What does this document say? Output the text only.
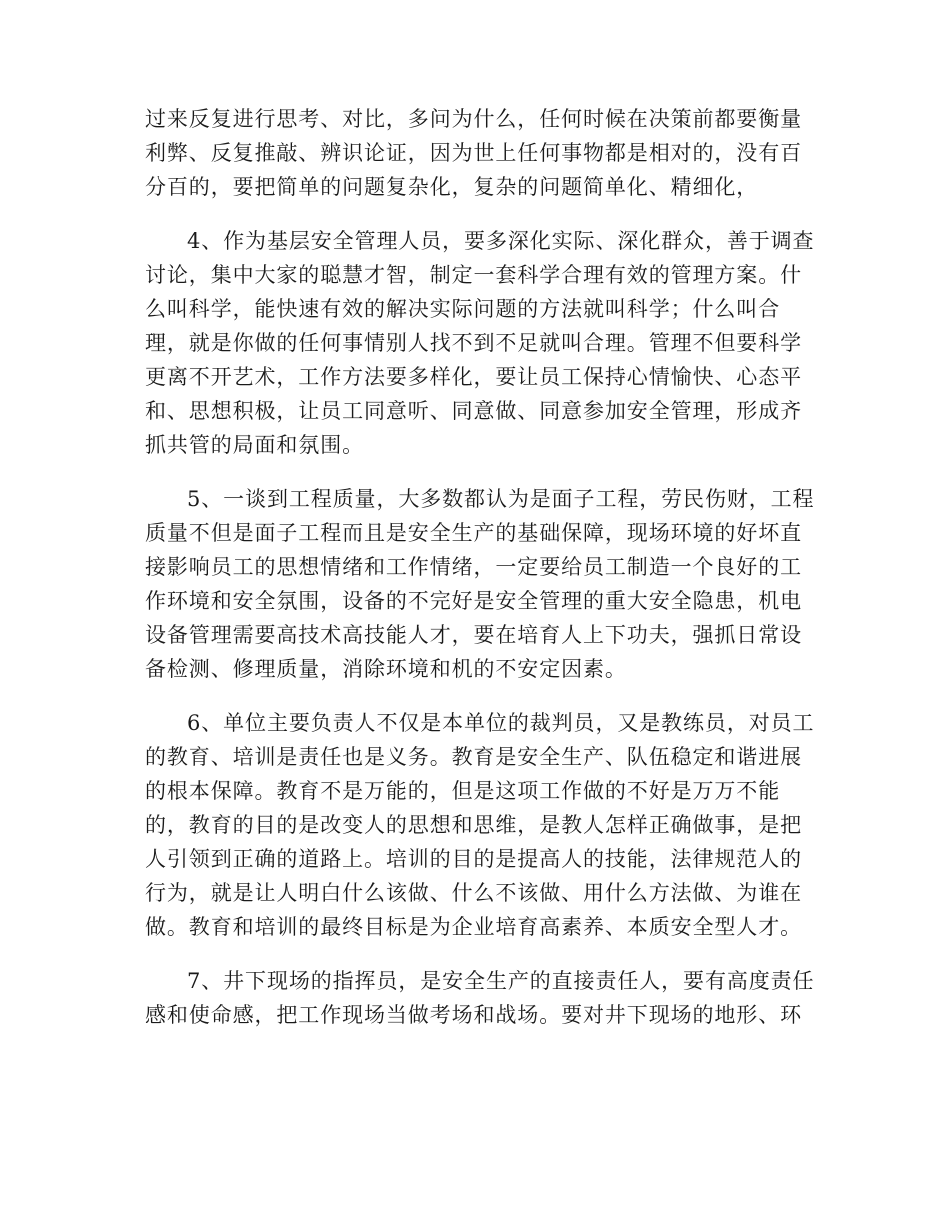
过来反复进行思考、对比，多问为什么，任何时候在决策前都要衡量
利弊、反复推敲、辨识论证，因为世上任何事物都是相对的，没有百
分百的，要把简单的问题复杂化，复杂的问题简单化、精细化，
4、作为基层安全管理人员，要多深化实际、深化群众，善于调查
讨论，集中大家的聪慧才智，制定一套科学合理有效的管理方案。什
么叫科学，能快速有效的解决实际问题的方法就叫科学；什么叫合
理，就是你做的任何事情别人找不到不足就叫合理。管理不但要科学
更离不开艺术，工作方法要多样化，要让员工保持心情愉快、心态平
和、思想积极，让员工同意听、同意做、同意参加安全管理，形成齐
抓共管的局面和氛围。
5、一谈到工程质量，大多数都认为是面子工程，劳民伤财，工程
质量不但是面子工程而且是安全生产的基础保障，现场环境的好坏直
接影响员工的思想情绪和工作情绪，一定要给员工制造一个良好的工
作环境和安全氛围，设备的不完好是安全管理的重大安全隐患，机电
设备管理需要高技术高技能人才，要在培育人上下功夫，强抓日常设
备检测、修理质量，消除环境和机的不安定因素。
6、单位主要负责人不仅是本单位的裁判员，又是教练员，对员工
的教育、培训是责任也是义务。教育是安全生产、队伍稳定和谐进展
的根本保障。教育不是万能的，但是这项工作做的不好是万万不能
的，教育的目的是改变人的思想和思维，是教人怎样正确做事，是把
人引领到正确的道路上。培训的目的是提高人的技能，法律规范人的
行为，就是让人明白什么该做、什么不该做、用什么方法做、为谁在
做。教育和培训的最终目标是为企业培育高素养、本质安全型人才。
7、井下现场的指挥员，是安全生产的直接责任人，要有高度责任
感和使命感，把工作现场当做考场和战场。要对井下现场的地形、环
